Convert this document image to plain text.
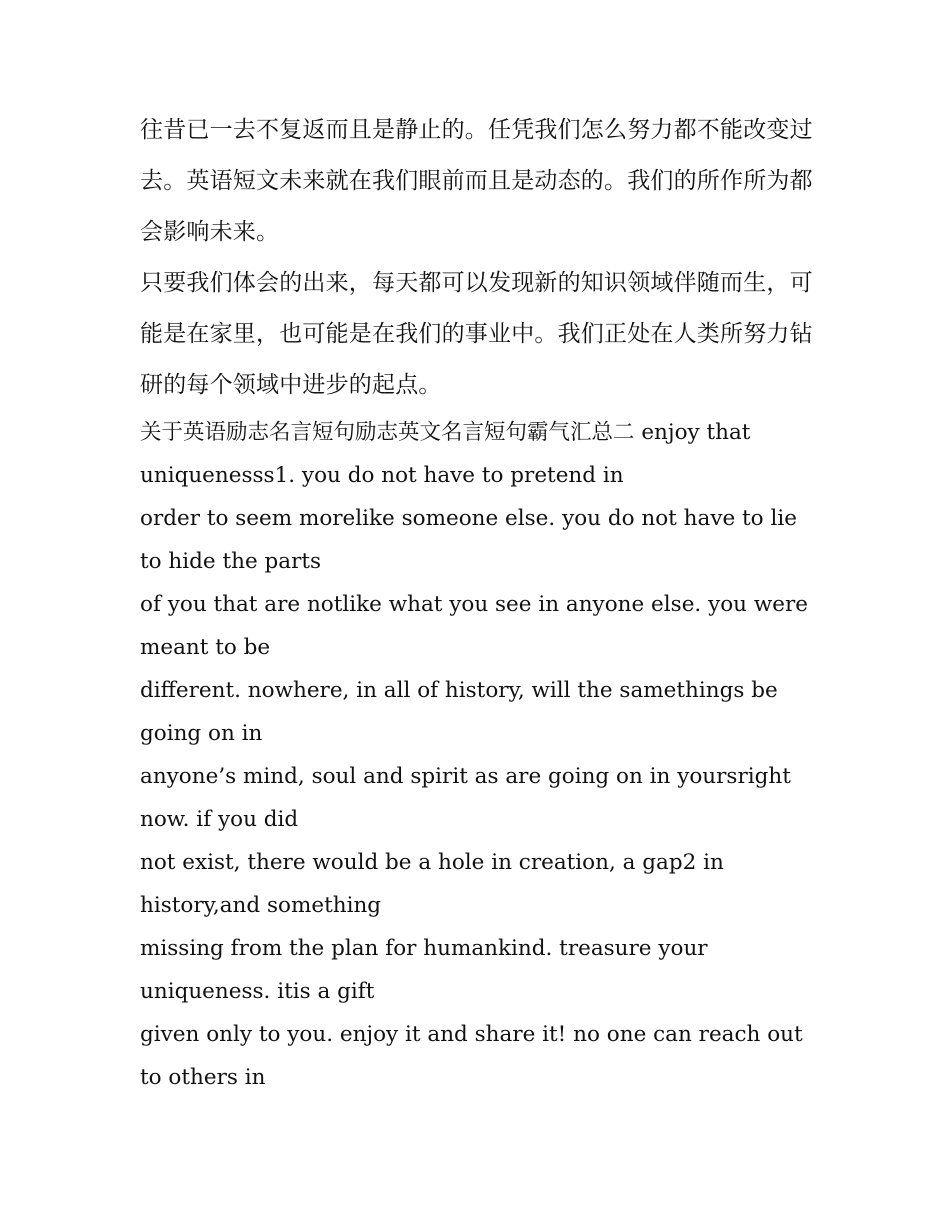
往昔已一去不复返而且是静止的。任凭我们怎么努力都不能改变过去。英语短文未来就在我们眼前而且是动态的。我们的所作所为都会影响未来。

只要我们体会的出来，每天都可以发现新的知识领域伴随而生，可能是在家里，也可能是在我们的事业中。我们正处在人类所努力钻研的每个领域中进步的起点。

关于英语励志名言短句励志英文名言短句霸气汇总二 enjoy that uniquenesss1. you do not have to pretend in

order to seem morelike someone else. you do not have to lie to hide the parts

of you that are notlike what you see in anyone else. you were meant to be

different. nowhere, in all of history, will the samethings be going on in

anyone’s mind, soul and spirit as are going on in yoursright now. if you did

not exist, there would be a hole in creation, a gap2 in history,and something

missing from the plan for humankind. treasure your uniqueness. itis a gift

given only to you. enjoy it and share it! no one can reach out to others in
